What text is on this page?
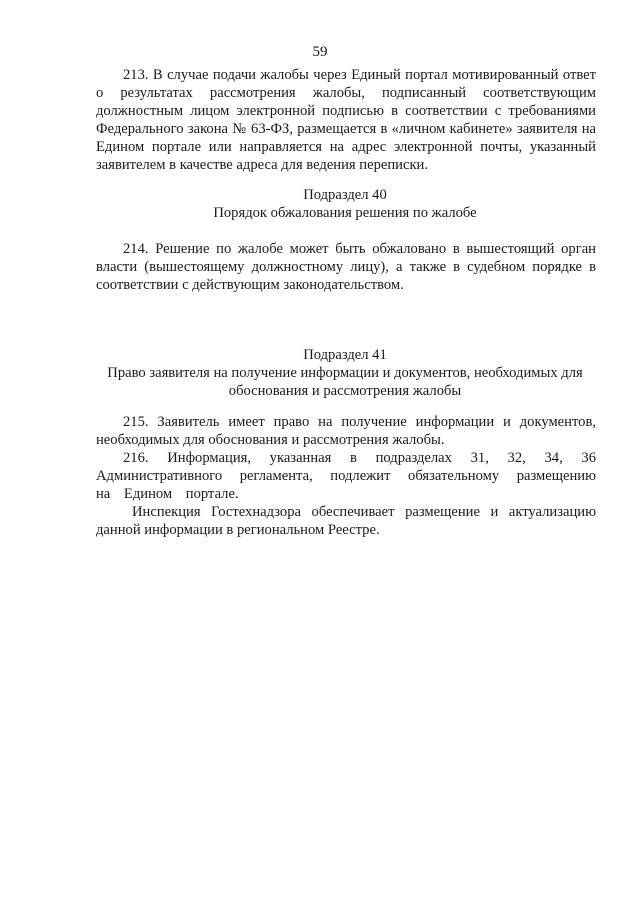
59

213. В случае подачи жалобы через Единый портал мотивированный ответ о результатах рассмотрения жалобы, подписанный соответствующим должностным лицом электронной подписью в соответствии с требованиями Федерального закона № 63-ФЗ, размещается в «личном кабинете» заявителя на Едином портале или направляется на адрес электронной почты, указанный заявителем в качестве адреса для ведения переписки.

Подраздел 40
Порядок обжалования решения по жалобе

214. Решение по жалобе может быть обжаловано в вышестоящий орган власти (вышестоящему должностному лицу), а также в судебном порядке в соответствии с действующим законодательством.

Подраздел 41
Право заявителя на получение информации и документов, необходимых для
обоснования и рассмотрения жалобы

215. Заявитель имеет право на получение информации и документов, необходимых для обоснования и рассмотрения жалобы.

216. Информация, указанная в подразделах 31, 32, 34, 36 Административного регламента, подлежит обязательному размещению на Едином портале.

Инспекция Гостехнадзора обеспечивает размещение и актуализацию данной информации в региональном Реестре.
